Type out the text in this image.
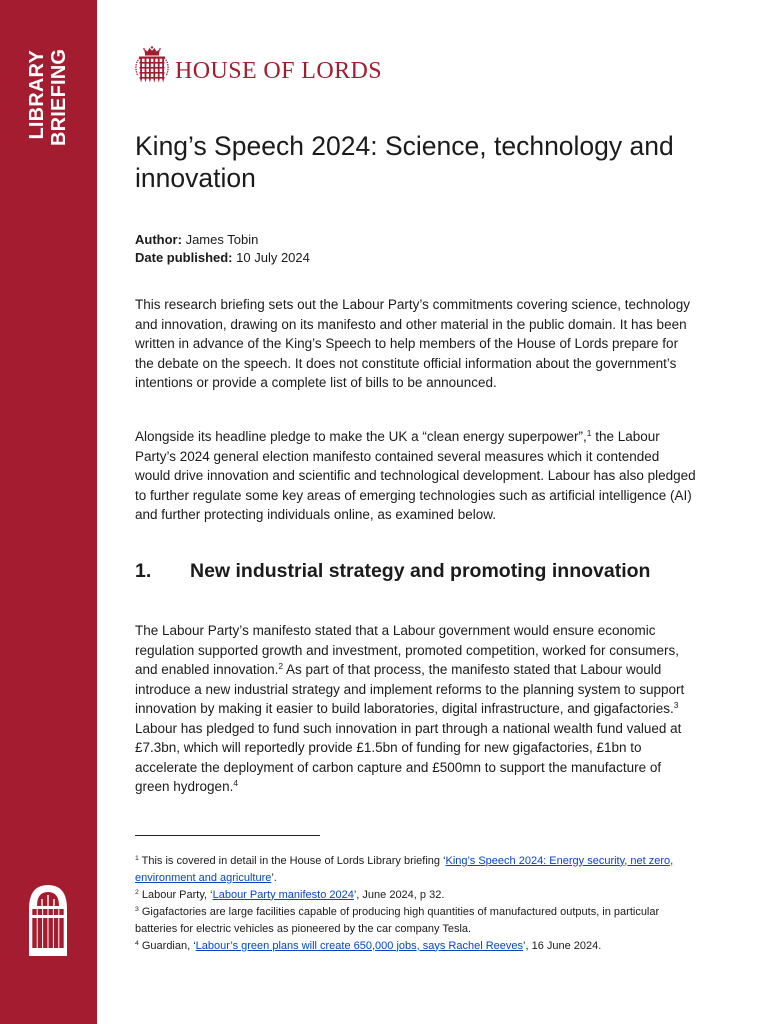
LIBRARY BRIEFING	HOUSE OF LORDS
King’s Speech 2024: Science, technology and innovation
Author: James Tobin
Date published: 10 July 2024
This research briefing sets out the Labour Party’s commitments covering science, technology
and innovation, drawing on its manifesto and other material in the public domain. It has been
written in advance of the King’s Speech to help members of the House of Lords prepare for
the debate on the speech. It does not constitute official information about the government’s
intentions or provide a complete list of bills to be announced.
Alongside its headline pledge to make the UK a “clean energy superpower”,$^1$ the Labour
Party’s 2024 general election manifesto contained several measures which it contended
would drive innovation and scientific and technological development. Labour has also pledged
to further regulate some key areas of emerging technologies such as artificial intelligence (AI)
and further protecting individuals online, as examined below.
1. New industrial strategy and promoting innovation
The Labour Party’s manifesto stated that a Labour government would ensure economic
regulation supported growth and investment, promoted competition, worked for consumers,
and enabled innovation.$^2$ As part of that process, the manifesto stated that Labour would
introduce a new industrial strategy and implement reforms to the planning system to support
innovation by making it easier to build laboratories, digital infrastructure, and gigafactories.$^3$
Labour has pledged to fund such innovation in part through a national wealth fund valued at
£7.3bn, which will reportedly provide £1.5bn of funding for new gigafactories, £1bn to
accelerate the deployment of carbon capture and £500mn to support the manufacture of
green hydrogen.$^4$
$^1$ This is covered in detail in the House of Lords Library briefing ‘King’s Speech 2024: Energy security, net zero,
environment and agriculture’.
$^2$ Labour Party, ‘Labour Party manifesto 2024’, June 2024, p 32.
$^3$ Gigafactories are large facilities capable of producing high quantities of manufactured outputs, in particular
batteries for electric vehicles as pioneered by the car company Tesla.
$^4$ Guardian, ‘Labour’s green plans will create 650,000 jobs, says Rachel Reeves’, 16 June 2024.
